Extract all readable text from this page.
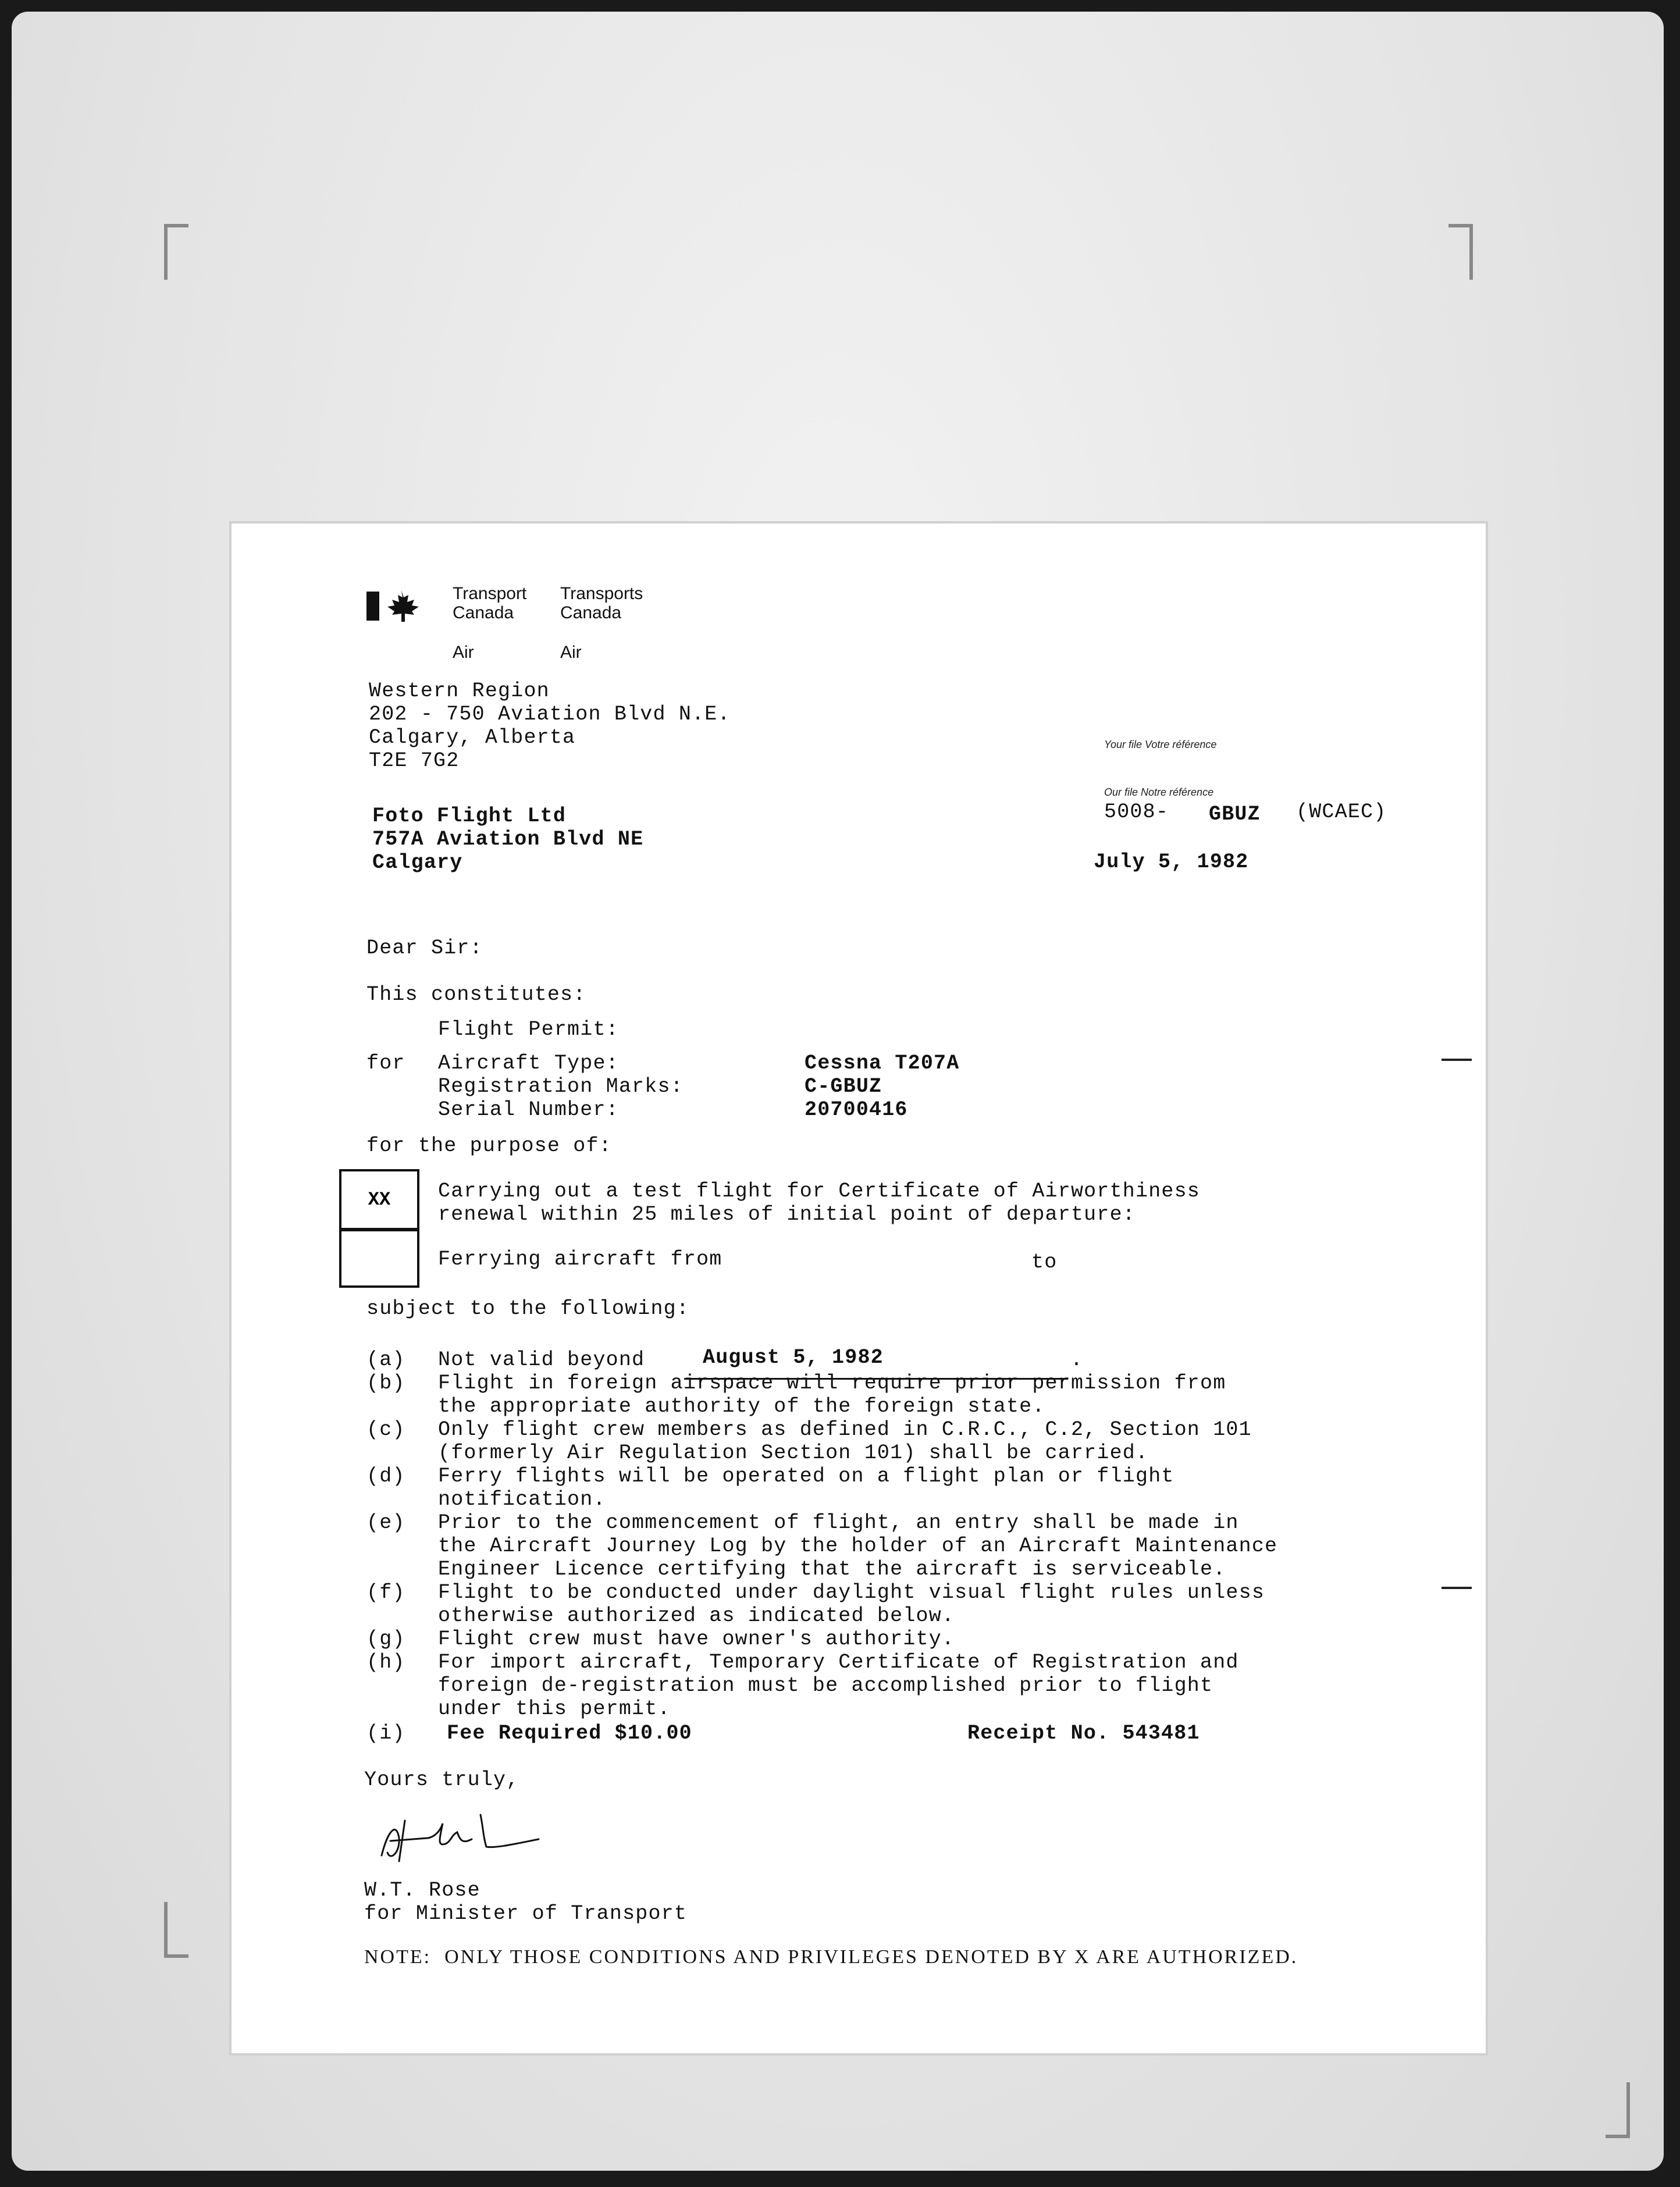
Transport
Canada
Transports
Canada
Air	Air
Western Region
202 - 750 Aviation Blvd N.E.
Calgary, Alberta
T2E 7G2
Your file Votre référence
Our file Notre référence
5008- GBUZ (WCAEC)
July 5, 1982
Foto Flight Ltd
757A Aviation Blvd NE
Calgary
Dear Sir:
This constitutes:
Flight Permit:
for Aircraft Type:	Cessna T207A
Registration Marks:	C-GBUZ
Serial Number:	20700416
for the purpose of:
XX	Carrying out a test flight for Certificate of Airworthiness
renewal within 25 miles of initial point of departure:
Ferrying aircraft from	to
subject to the following:
(a) Not valid beyond	August 5, 1982	.
(b) Flight in foreign airspace will require prior permission from
the appropriate authority of the foreign state.
(c) Only flight crew members as defined in C.R.C., C.2, Section 101
(formerly Air Regulation Section 101) shall be carried.
(d) Ferry flights will be operated on a flight plan or flight
notification.
(e) Prior to the commencement of flight, an entry shall be made in
the Aircraft Journey Log by the holder of an Aircraft Maintenance
Engineer Licence certifying that the aircraft is serviceable.
(f) Flight to be conducted under daylight visual flight rules unless
otherwise authorized as indicated below.
(g) Flight crew must have owner's authority.
(h) For import aircraft, Temporary Certificate of Registration and
foreign de-registration must be accomplished prior to flight
under this permit.
(i) Fee Required $10.00	Receipt No. 543481
Yours truly,
W.T. Rose
for Minister of Transport
NOTE:  ONLY THOSE CONDITIONS AND PRIVILEGES DENOTED BY X ARE AUTHORIZED.
